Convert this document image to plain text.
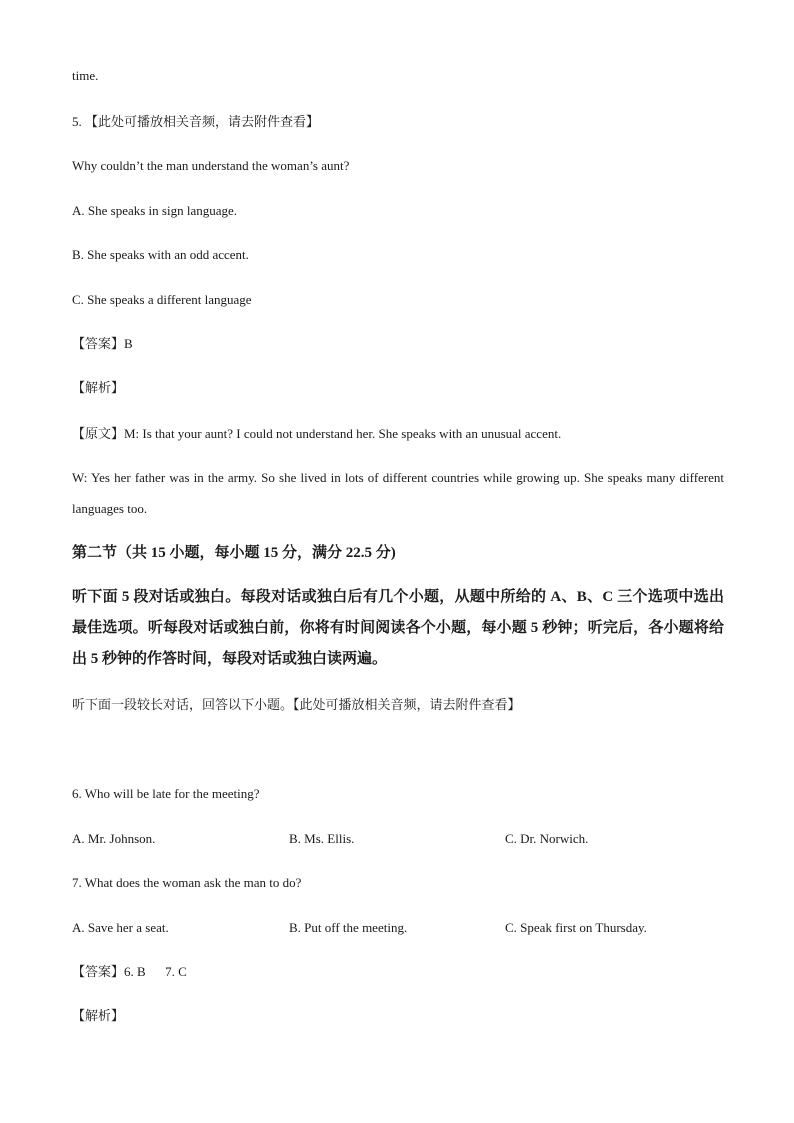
time.
5. 【此处可播放相关音频，请去附件查看】
Why couldn’t the man understand the woman’s aunt?
A. She speaks in sign language.
B. She speaks with an odd accent.
C. She speaks a different language
【答案】B
【解析】
【原文】M: Is that your aunt? I could not understand her. She speaks with an unusual accent.
W: Yes her father was in the army. So she lived in lots of different countries while growing up. She speaks many different languages too.
第二节（共 15 小题，每小题 15 分，满分 22.5 分)
听下面 5 段对话或独白。每段对话或独白后有几个小题，从题中所给的 A、B、C 三个选项中选出最佳选项。听每段对话或独白前，你将有时间阅读各个小题，每小题 5 秒钟；听完后，各小题将给出 5 秒钟的作答时间，每段对话或独白读两遍。
听下面一段较长对话，回答以下小题。【此处可播放相关音频，请去附件查看】
6. Who will be late for the meeting?
A. Mr. Johnson.	B. Ms. Ellis.	C. Dr. Norwich.
7. What does the woman ask the man to do?
A. Save her a seat.	B. Put off the meeting.	C. Speak first on Thursday.
【答案】6. B      7. C
【解析】
